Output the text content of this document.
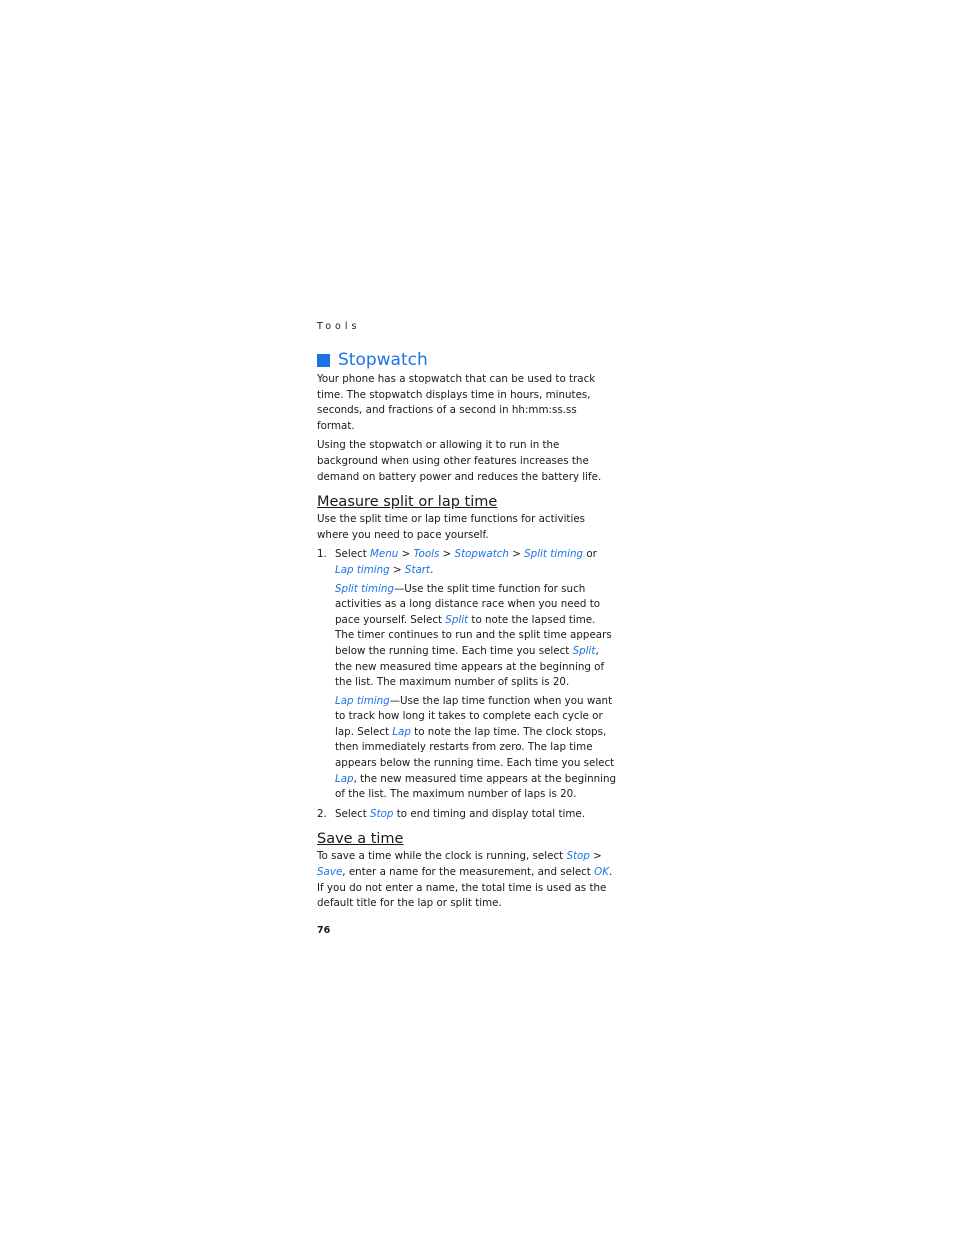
Tools
Stopwatch

Your phone has a stopwatch that can be used to track time. The stopwatch displays time in hours, minutes, seconds, and fractions of a second in hh:mm:ss.ss format.

Using the stopwatch or allowing it to run in the background when using other features increases the demand on battery power and reduces the battery life.

Measure split or lap time

Use the split time or lap time functions for activities where you need to pace yourself.

1. Select Menu > Tools > Stopwatch > Split timing or Lap timing > Start.

Split timing—Use the split time function for such activities as a long distance race when you need to pace yourself. Select Split to note the lapsed time. The timer continues to run and the split time appears below the running time. Each time you select Split, the new measured time appears at the beginning of the list. The maximum number of splits is 20.

Lap timing—Use the lap time function when you want to track how long it takes to complete each cycle or lap. Select Lap to note the lap time. The clock stops, then immediately restarts from zero. The lap time appears below the running time. Each time you select Lap, the new measured time appears at the beginning of the list. The maximum number of laps is 20.

2. Select Stop to end timing and display total time.
Save a time

To save a time while the clock is running, select Stop > Save, enter a name for the measurement, and select OK. If you do not enter a name, the total time is used as the default title for the lap or split time.

76
